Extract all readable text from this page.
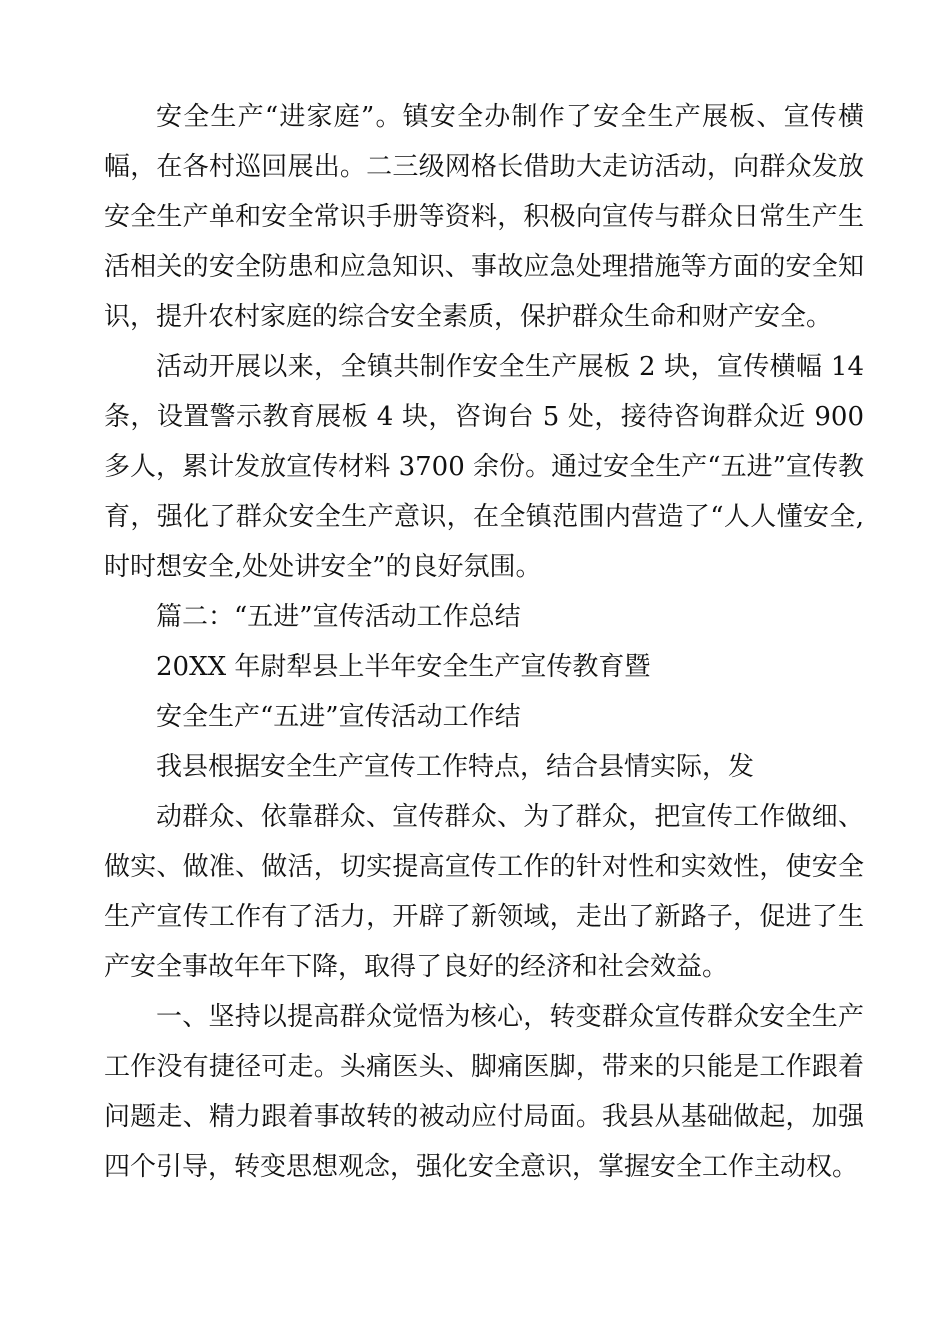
安全生产“进家庭”。镇安全办制作了安全生产展板、宣传横幅，在各村巡回展出。二三级网格长借助大走访活动，向群众发放安全生产单和安全常识手册等资料，积极向宣传与群众日常生产生活相关的安全防患和应急知识、事故应急处理措施等方面的安全知识，提升农村家庭的综合安全素质，保护群众生命和财产安全。

活动开展以来，全镇共制作安全生产展板 2 块，宣传横幅 14 条，设置警示教育展板 4 块，咨询台 5 处，接待咨询群众近 900 多人，累计发放宣传材料 3700 余份。通过安全生产“五进”宣传教育，强化了群众安全生产意识，在全镇范围内营造了“人人懂安全,时时想安全,处处讲安全”的良好氛围。

篇二：“五进”宣传活动工作总结

20XX 年尉犁县上半年安全生产宣传教育暨

安全生产“五进”宣传活动工作结

我县根据安全生产宣传工作特点，结合县情实际，发

动群众、依靠群众、宣传群众、为了群众，把宣传工作做细、做实、做准、做活，切实提高宣传工作的针对性和实效性，使安全生产宣传工作有了活力，开辟了新领域，走出了新路子，促进了生产安全事故年年下降，取得了良好的经济和社会效益。

一、坚持以提高群众觉悟为核心，转变群众宣传群众安全生产工作没有捷径可走。头痛医头、脚痛医脚，带来的只能是工作跟着问题走、精力跟着事故转的被动应付局面。我县从基础做起，加强四个引导，转变思想观念，强化安全意识，掌握安全工作主动权。
